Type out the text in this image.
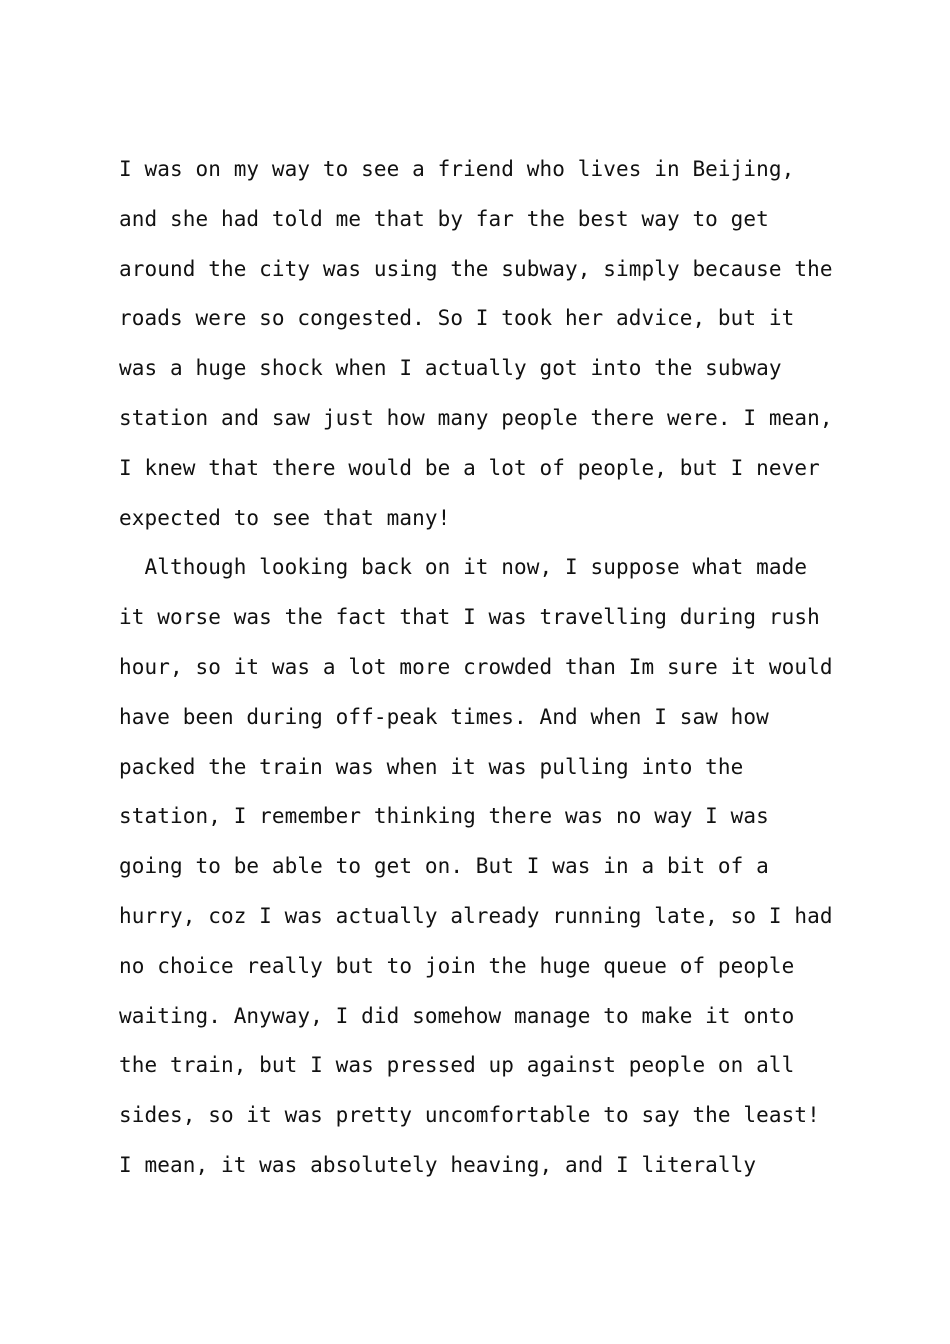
I was on my way to see a friend who lives in Beijing,
and she had told me that by far the best way to get
around the city was using the subway, simply because the
roads were so congested. So I took her advice, but it
was a huge shock when I actually got into the subway
station and saw just how many people there were. I mean,
I knew that there would be a lot of people, but I never
expected to see that many!
Although looking back on it now, I suppose what made
it worse was the fact that I was travelling during rush
hour, so it was a lot more crowded than Im sure it would
have been during off-peak times. And when I saw how
packed the train was when it was pulling into the
station, I remember thinking there was no way I was
going to be able to get on. But I was in a bit of a
hurry, coz I was actually already running late, so I had
no choice really but to join the huge queue of people
waiting. Anyway, I did somehow manage to make it onto
the train, but I was pressed up against people on all
sides, so it was pretty uncomfortable to say the least!
I mean, it was absolutely heaving, and I literally
